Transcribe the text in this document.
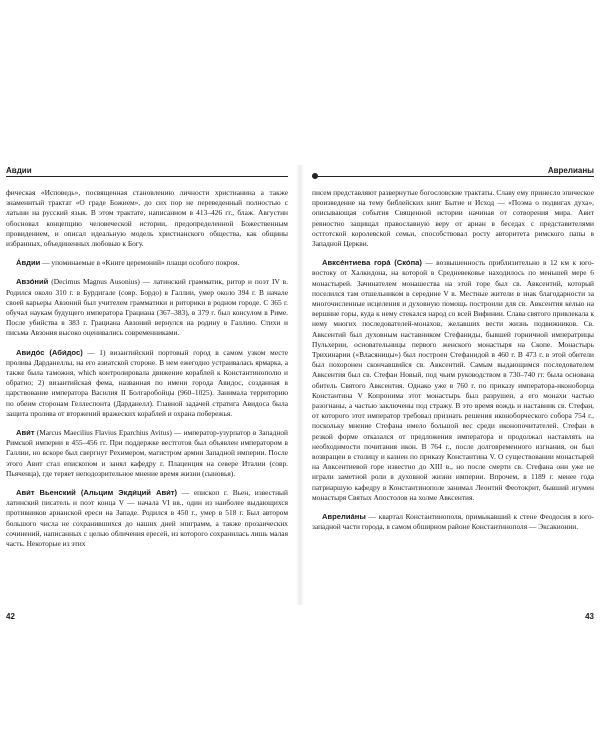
Авдии

фическая «Исповедь», посвященная становлению личности христианина а также знаменитый трактат «О граде Божием», до сих пор не переведенный полностью с латыни на русский язык. В этом трактате, написанном в 413–426 гг., блаж. Августин обосновал концепцию человеческой истории, предопределенной Божественным провидением, и описал идеальную модель христианского общества, как общины избранных, объединенных любовью к Богу.

А́вдии — упоминаемые в «Книге церемоний» плащи особого покроя.

Авзо́ний (Decimus Magnus Ausonius) — латинский грамматик, ритор и поэт IV в. Родился около 310 г. в Бурдигале (совр. Бордо) в Галлии, умер около 394 г. В начале своей карьеры Авзоний был учителем грамматики и риторики в родном городе. С 365 г. обучал наукам будущего императора Грациана (367–383), в 379 г. был консулом в Риме. После убийства в 383 г. Грациана Авзоний вернулся на родину в Галлию. Стихи и письма Авзония высоко оценивались современниками.

Авидо́с (Аби́дос) — 1) византийский портовый город в самом узком месте пролива Дарданеллы, на его азиатской стороне. В нем ежегодно устраивалась ярмарка, а также была таможня, which контролировала движение кораблей к Константинополю и обратно; 2) византийская фема, названная по имени города Авидос, созданная в царствование императора Василия II Болгаробойцы (960–1025). Занимала территорию по обеим сторонам Геллеспонта (Дарданелл). Главной задачей стратига Авидоса была защита пролива от вторжений вражеских кораблей и охрана побережья.

Ави́т (Marcus Maecilius Flavius Eparchius Avitus) — император-узурпатор в Западной Римской империи в 455–456 гг. При поддержке вестготов был объявлен императором в Галлии, но вскоре был свергнут Рехимером, магистром армии Западной империи. После этого Авит стал епископом и занял кафедру г. Плаценция на севере Италии (совр. Пьяченца), где теряет неподозрительное мнение время жизни (сыновья).

Ави́т Вьенский (Альцим Экди́ций Ави́т) — епископ г. Вьен, известный латинский писатель и поэт конца V — начала VI вв., один из наиболее выдающихся противников арианской ереси на Западе. Родился в 450 г., умер в 518 г. Был автором большого числа не сохранившихся до наших дней эпиграмм, а также прозаических сочинений, написанных с целью обличения ересей, из которого сохранилась лишь малая часть. Некоторые из этих

Аврелианы

писем представляют развернутые богословские трактаты. Славу ему принесло эпическое произведение на тему библейских книг Бытие и Исход — «Поэма о подвигах духа», описывающая события Священной истории начиная от сотворения мира. Авит ревностно защищал православную веру от ариан в беседах с представителями остготской королевской семьи, способствовал росту авторитета римского папы в Западной Церкви.

Авксе́нтиева гора́ (Ско́па) — возвышенность приблизительно в 12 км к юго-востоку от Халкидона, на которой в Средневековье находилось по меньшей мере 6 монастырей. Зачинателем монашества на этой горе был св. Авксентий, который поселился там отшельником в середине V в. Местные жители в знак благодарности за многочисленные исцеления и духовную помощь построили для св. Авксентия келью на вершине горы, куда к нему стекался народ со всей Вифинии. Слава святого привлекала к нему многих последователей-монахов, желавших вести жизнь подвижников. Св. Авксентий был духовным наставником Стефаниды, бывшей горничной императрицы Пульхерии, основательницы первого женского монастыря на Скопе. Монастырь Трихинарии («Власяницы») был построен Стефанидой в 460 г. В 473 г. в этой обители был похоронен скончавшийся св. Авксентий. Самым выдающимся последователем Авксентия был св. Стефан Новый, под чьим руководством в 730–740 гг. была основана обитель Святого Авксентия. Однако уже в 760 г. по приказу императора-иконоборца Константина V Копронима этот монастырь был разрушен, а его монахи частью разогнаны, а частью заключены под стражу. В это время вождь и наставник св. Стефан, от которого этот император требовал признать решения иконоборческого собора 754 г., поскольку мнение Стефана имело большой вес среди иконопочитателей. Стефан в резкой форме отказался от предложения императора и продолжал наставлять на необходимости почитания икон. В 764 г., после долговременного изгнания, он был возвращен в столицу и казнен по приказу Константина V. О существовании монастырей на Авксентиевой горе известно до XIII в., но после смерти св. Стефана они уже не играли заметной роли в духовной жизни империи. Впрочем, в 1189 г. менее года патриаршую кафедру в Константинополе занимал Леонтий Феотокрит, бывший игумен монастыря Святых Апостолов на холме Авксентия.

Аврелиа́ны — квартал Константинополя, примыкавший к стене Феодосия в юго-западной части города, в самом обширном районе Константинополя — Эксакионии.

42	43
